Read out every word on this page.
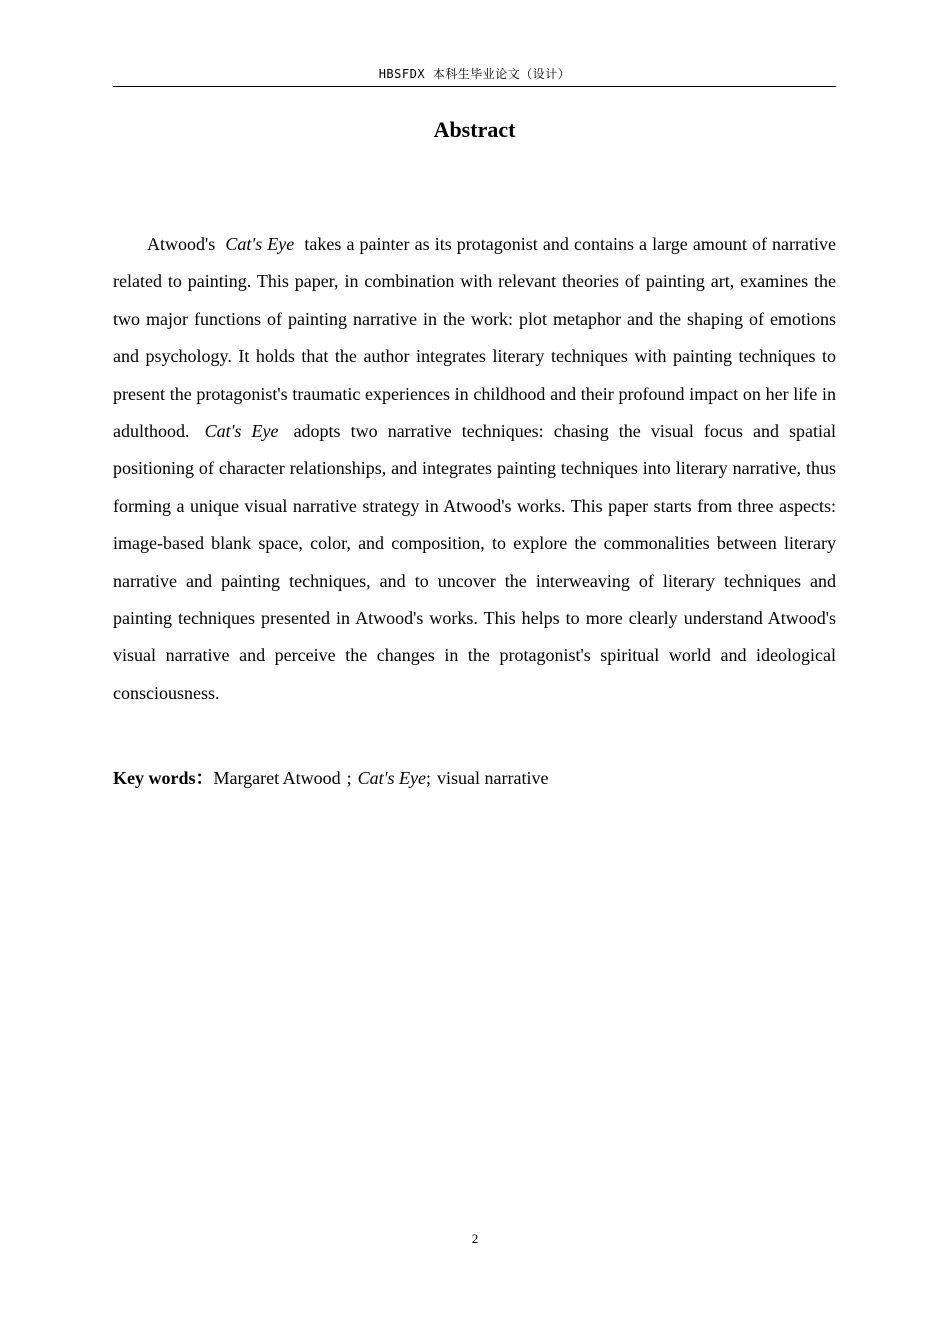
HBSFDX 本科生毕业论文（设计）
Abstract

Atwood's Cat's Eye takes a painter as its protagonist and contains a large amount of narrative related to painting. This paper, in combination with relevant theories of painting art, examines the two major functions of painting narrative in the work: plot metaphor and the shaping of emotions and psychology. It holds that the author integrates literary techniques with painting techniques to present the protagonist's traumatic experiences in childhood and their profound impact on her life in adulthood. Cat's Eye adopts two narrative techniques: chasing the visual focus and spatial positioning of character relationships, and integrates painting techniques into literary narrative, thus forming a unique visual narrative strategy in Atwood's works. This paper starts from three aspects: image-based blank space, color, and composition, to explore the commonalities between literary narrative and painting techniques, and to uncover the interweaving of literary techniques and painting techniques presented in Atwood's works. This helps to more clearly understand Atwood's visual narrative and perceive the changes in the protagonist's spiritual world and ideological consciousness.

Key words：Margaret Atwood ; Cat's Eye; visual narrative

2
